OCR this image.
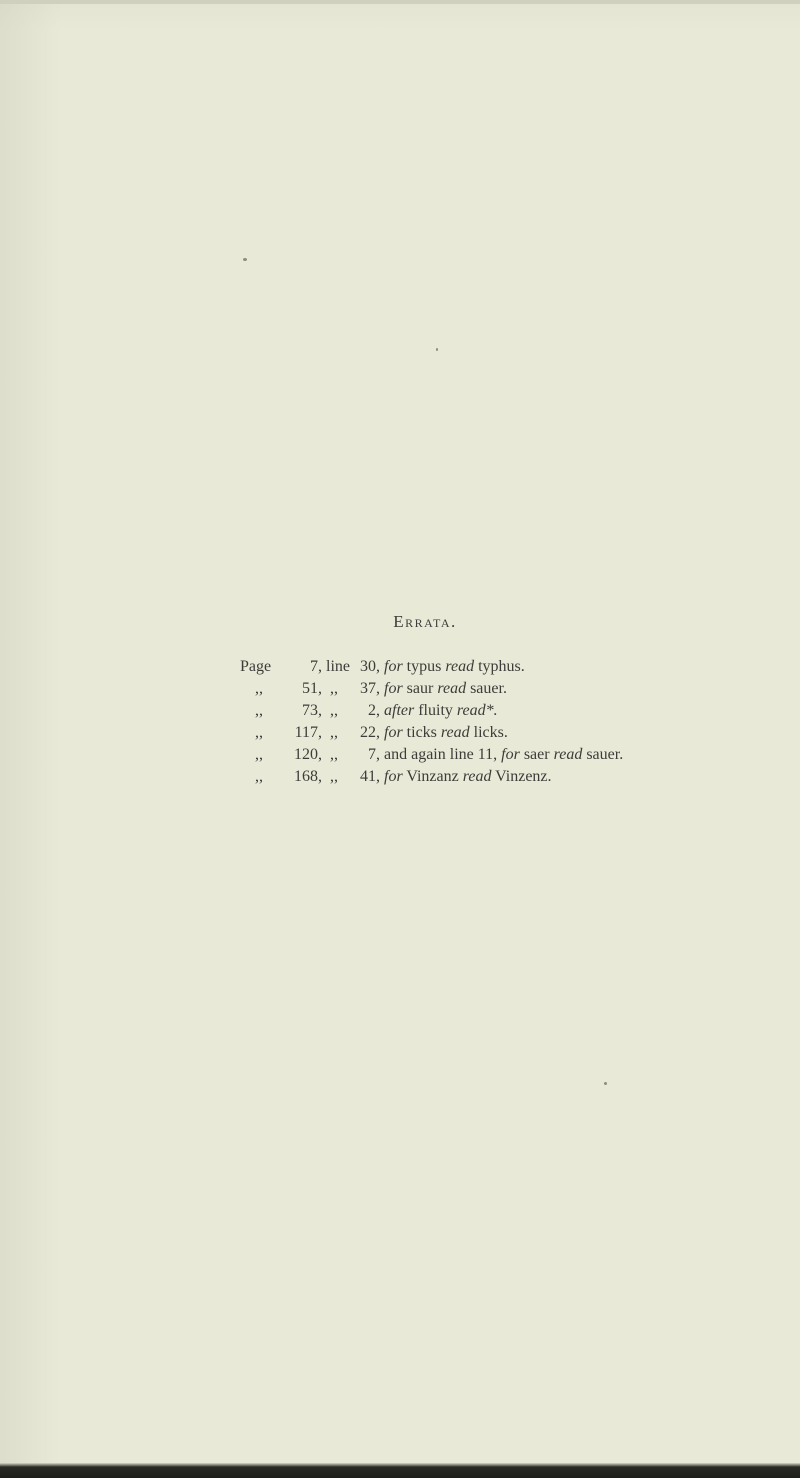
Errata.
Page	7, line 30, for typus read typhus.
,, 51, ,, 37, for saur read sauer.
,, 73, ,,	2, after fluity read*.
,, 117, ,, 22, for ticks read licks.
,, 120, ,,	7, and again line 11, for saer read sauer.
,, 168, ,, 41, for Vinzanz read Vinzenz.
